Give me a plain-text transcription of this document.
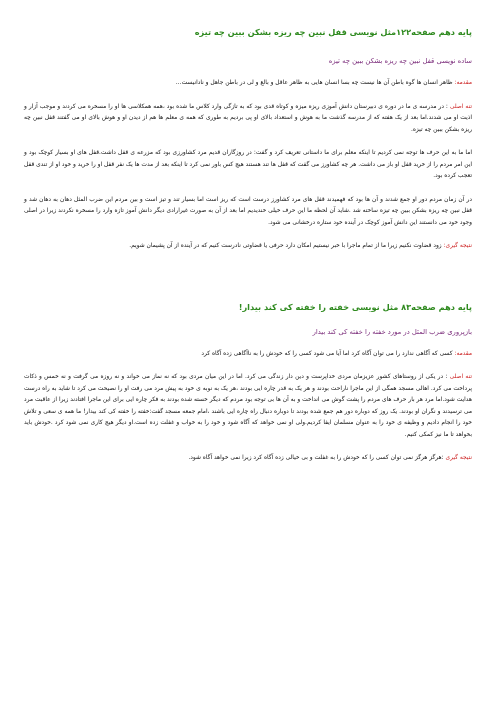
پایه دهم صفحه۱۲۲مثل نویسی قفل نبین چه ریزه بشکن ببین چه تیزه
ساده نویسی قفل نبین چه ریزه بشکن ببین چه تیزه

مقدمه: ظاهر انسان ها گوه باطن آن ها نیست چه بسا انسان هایی به ظاهر عاقل و بالغ و لی در باطن جاهل و نادانیست…

تنه اصلی : در مدرسه ی ما در دوره ی دبیرستان دانش آموزی ریزه میزه و کوتاه قدی بود که به تازگی وارد کلاس ما شده بود ،همه همکلاسی ها او را مسخره می کردند و موجب آزار و اذیت او می شدند.اما بعد از یک هفته که از مدرسه گذشت ما به هوش و استعداد بالای او پی بردیم به طوری که همه ی معلم ها هم از دیدن او و هوش بالای او می گفتند قفل نبین چه ریزه بشکن ببین چه تیزه.

اما ما به این حرف ها توجه نمی کردیم تا اینکه معلم برای ما داستانی تعریف کرد و گفت: در روزگاران قدیم مرد کشاورزی بود که مزرعه ی قفل داشت.قفل های او بسیار کوچک بود و این امر مردم را از خرید قفل او باز می داشت. هر چه کشاورز می گفت که قفل ها تند هستند هیچ کس باور نمی کرد تا اینکه بعد از مدت ها یک نفر قفل او را خرید و خود او از تندی قفل تعجب کرده بود.

در آن زمان مردم دور او جمع شدند و آن ها بود که فهمیدند قفل های مرد کشاورز درست است که ریز است اما بسیار تند و تیز است و بین مردم این ضرب المثل دهان به دهان شد و قفل نبین چه ریزه بشکن ببین چه تیزه ساخته شد .شاید آن لحظه ما این حرف خیلی خندیدیم اما بعد از آن به صورت غیرارادی دیگر دانش آموز تازه وارد را مسخره نکردند زیرا در اصلی وجود خود می دانستند این دانش آموز کوچک در آینده خود ستاره درخشانی می شود.

نتیجه گیری: زود قضاوت نکنیم زیرا ما از تمام ماجرا با خبر نیستیم امکان دارد حرفی یا قضاوتی نادرست کنیم که در آینده از آن پشیمان شویم.

پایه دهم صفحه۸۳ مثل نویسی خفته را خفته کی کند بیدار!
بازپروری ضرب المثل در مورد خفته را خفته کی کند بیدار

مقدمه: کسی که آگاهی ندارد را می توان آگاه کرد اما آیا می شود کسی را که خودش را به ناآگاهی زده آگاه کرد

تنه اصلی : در یکی از روستاهای کشور عزیزمان مردی خداپرست و دین دار زندگی می کرد. اما در این میان مردی بود که نه نماز می خواند و نه روزه می گرفت و نه خمس و ذکات پرداخت می کرد. اهالی مسجد همگی از این ماجرا ناراحت بودند و هر یک به قدر چاره ایی بودند ،هر یک به نوبه ی خود به پیش مرد می رفت او را نصیحت می کرد تا شاید به راه درست هدایت شود.اما مرد هر بار حرف های مردم را پشت گوش می انداخت و به آن ها بی توجه بود مردم که دیگر خسته شده بودند به فکر چاره ایی برای این ماجرا افتادند زیرا از عاقبت مرد می ترسیدند و نگران او بودند. یک روز که دوباره دور هم جمع شده بودند تا دوباره دنبال راه چاره ایی باشند ،امام جمعه مسجد گفت:خفته را خفته کی کند بیدار! ما همه ی سعی و تلاش خود را انجام دادیم و وظیفه ی خود را به عنوان مسلمان ایفا کردیم.ولی او نمی خواهد که آگاه شود و خود را به خواب و غفلت زده است.او دیگر هیچ کاری نمی شود کرد .خودش باید بخواهد تا ما نیز کمکی کنیم.

نتیجه گیری :هرگز هرگز نمی توان کسی را که خودش را به غفلت و بی خیالی زده آگاه کرد زیرا نمی خواهد آگاه شود.
